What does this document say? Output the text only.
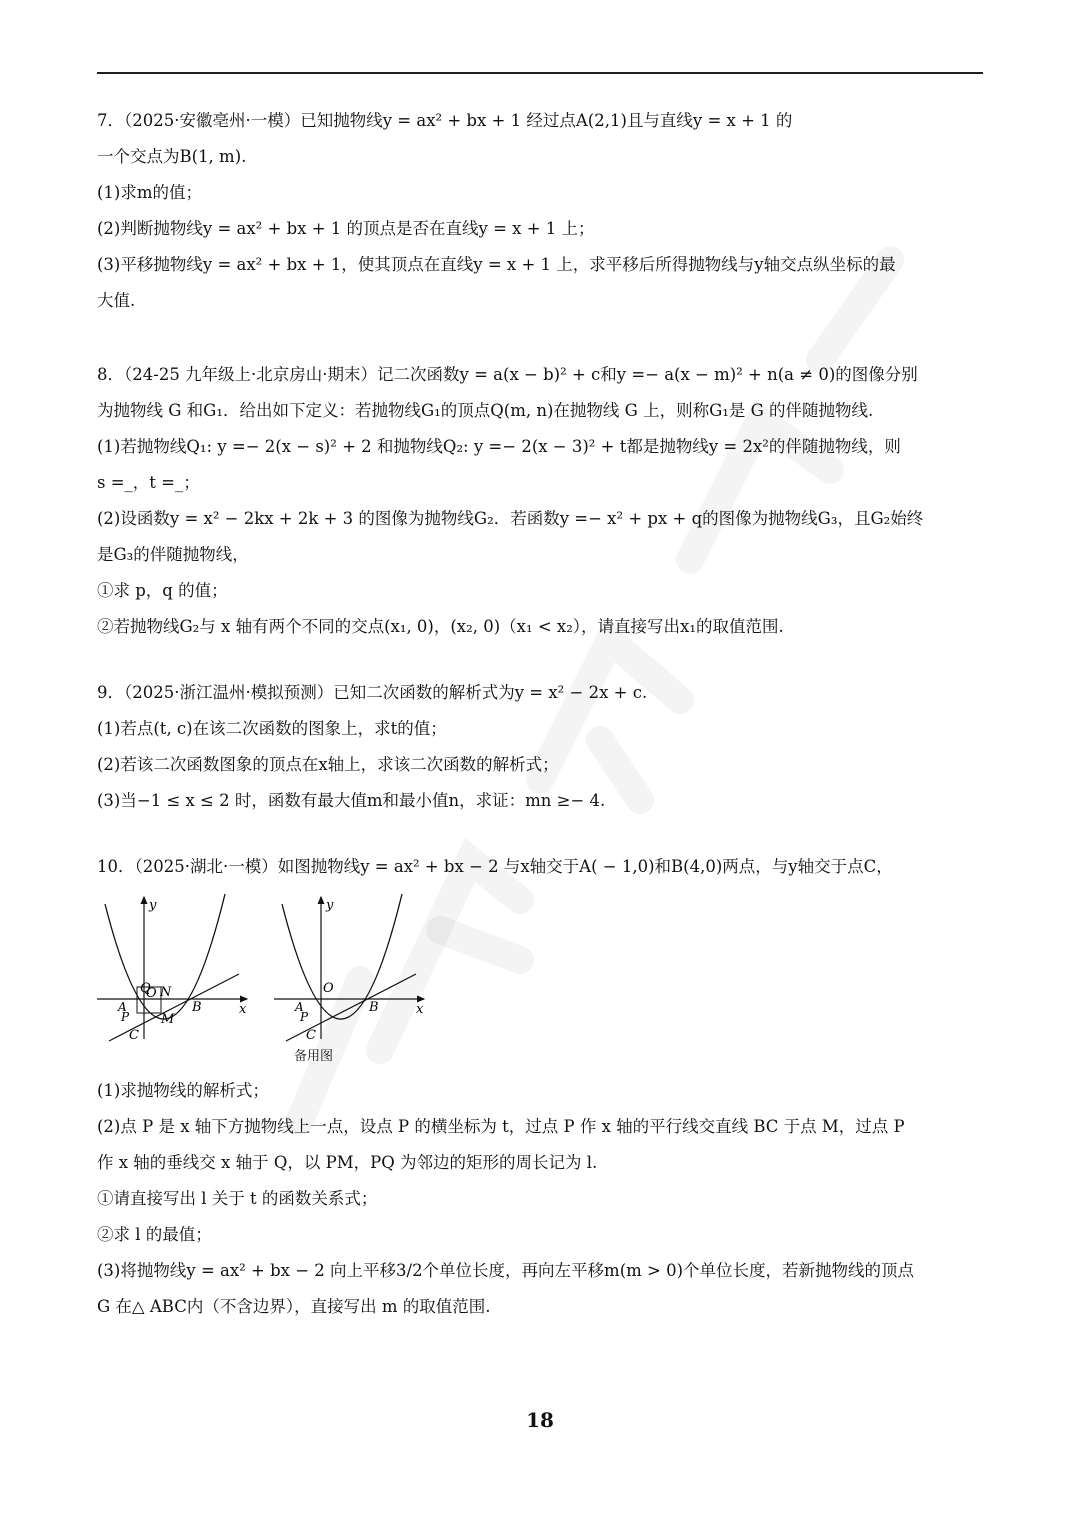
7．（2025·安徽亳州·一模）已知抛物线y = ax² + bx + 1 经过点A(2,1)且与直线y = x + 1 的
一个交点为B(1, m).
(1)求m的值；
(2)判断抛物线y = ax² + bx + 1 的顶点是否在直线y = x + 1 上；
(3)平移抛物线y = ax² + bx + 1，使其顶点在直线y = x + 1 上，求平移后所得抛物线与y轴交点纵坐标的最
大值.
8．（24-25 九年级上·北京房山·期末）记二次函数y = a(x − b)² + c和y =− a(x − m)² + n(a ≠ 0)的图像分别
为抛物线 G 和G₁．给出如下定义：若抛物线G₁的顶点Q(m, n)在抛物线 G 上，则称G₁是 G 的伴随抛物线.
(1)若抛物线Q₁: y =− 2(x − s)² + 2 和抛物线Q₂: y =− 2(x − 3)² + t都是抛物线y = 2x²的伴随抛物线，则
s =_，t =_；
(2)设函数y = x² − 2kx + 2k + 3 的图像为抛物线G₂．若函数y =− x² + px + q的图像为抛物线G₃，且G₂始终
是G₃的伴随抛物线，
①求 p，q 的值；
②若抛物线G₂与 x 轴有两个不同的交点(x₁, 0)，(x₂, 0)（x₁ < x₂），请直接写出x₁的取值范围.
9．（2025·浙江温州·模拟预测）已知二次函数的解析式为y = x² − 2x + c.
(1)若点(t, c)在该二次函数的图象上，求t的值；
(2)若该二次函数图象的顶点在x轴上，求该二次函数的解析式；
(3)当−1 ≤ x ≤ 2 时，函数有最大值m和最小值n，求证：mn ≥− 4.
10．（2025·湖北·一模）如图抛物线y = ax² + bx − 2 与x轴交于A( − 1,0)和B(4,0)两点，与y轴交于点C，
Q
O N
y
x
A
P M
B
C
y
O
x
A
P
B
C
备用图
(1)求抛物线的解析式；
(2)点 P 是 x 轴下方抛物线上一点，设点 P 的横坐标为 t，过点 P 作 x 轴的平行线交直线 BC 于点 M，过点 P
作 x 轴的垂线交 x 轴于 Q，以 PM，PQ 为邻边的矩形的周长记为 l.
①请直接写出 l 关于 t 的函数关系式；
②求 l 的最值；
(3)将抛物线y = ax² + bx − 2 向上平移3/2个单位长度，再向左平移m(m > 0)个单位长度，若新抛物线的顶点
G 在△ ABC内（不含边界），直接写出 m 的取值范围.
18
